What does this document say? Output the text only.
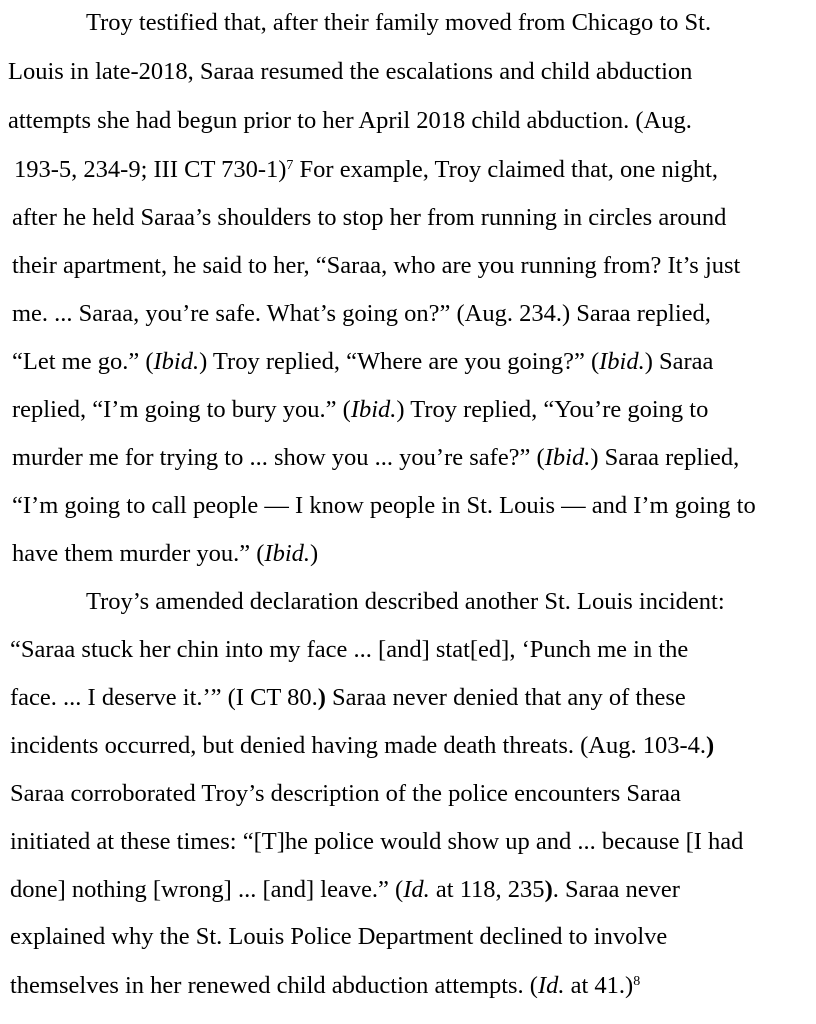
Troy testified that, after their family moved from Chicago to St.
Louis in late-2018, Saraa resumed the escalations and child abduction
attempts she had begun prior to her April 2018 child abduction. (Aug.
193-5, 234-9; III CT 730-1)$^7$ For example, Troy claimed that, one night,
after he held Saraa’s shoulders to stop her from running in circles around
their apartment, he said to her, “Saraa, who are you running from? It’s just
me. ... Saraa, you’re safe. What’s going on?” (Aug. 234.) Saraa replied,
“Let me go.” (Ibid.) Troy replied, “Where are you going?” (Ibid.) Saraa
replied, “I’m going to bury you.” (Ibid.) Troy replied, “You’re going to
murder me for trying to ... show you ... you’re safe?” (Ibid.) Saraa replied,
“I’m going to call people — I know people in St. Louis — and I’m going to
have them murder you.” (Ibid.)
Troy’s amended declaration described another St. Louis incident:
“Saraa stuck her chin into my face ... [and] stat[ed], ‘Punch me in the
face. ... I deserve it.’” (I CT 80.) Saraa never denied that any of these
incidents occurred, but denied having made death threats. (Aug. 103-4.)
Saraa corroborated Troy’s description of the police encounters Saraa
initiated at these times: “[T]he police would show up and ... because [I had
done] nothing [wrong] ... [and] leave.” (Id. at 118, 235). Saraa never
explained why the St. Louis Police Department declined to involve
themselves in her renewed child abduction attempts. (Id. at 41.)$^8$
